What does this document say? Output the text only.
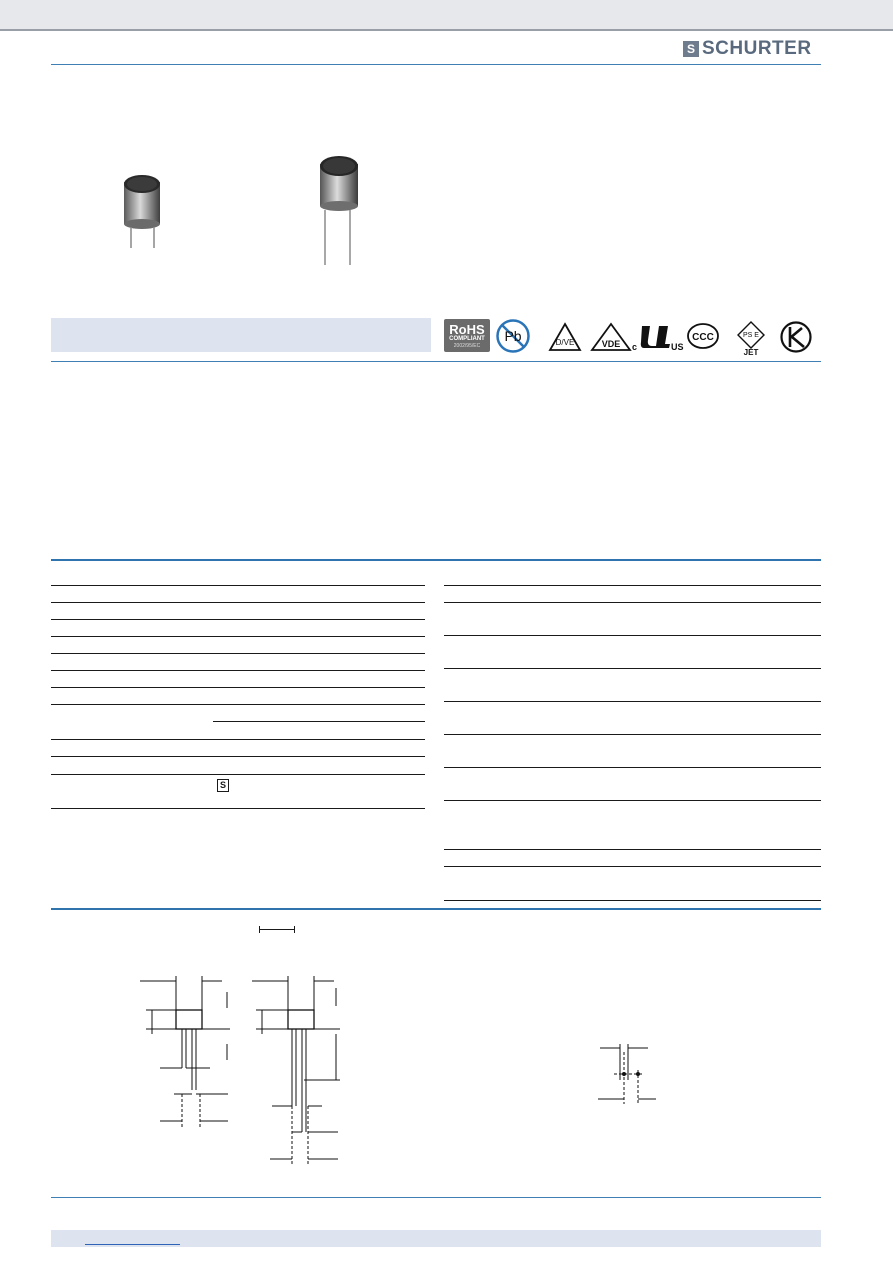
S SCHURTER
RoHS
COMPLIANT
2002/95/EC
Pb	D/VE	VDE c	US
CCC	PS E
JET
S
